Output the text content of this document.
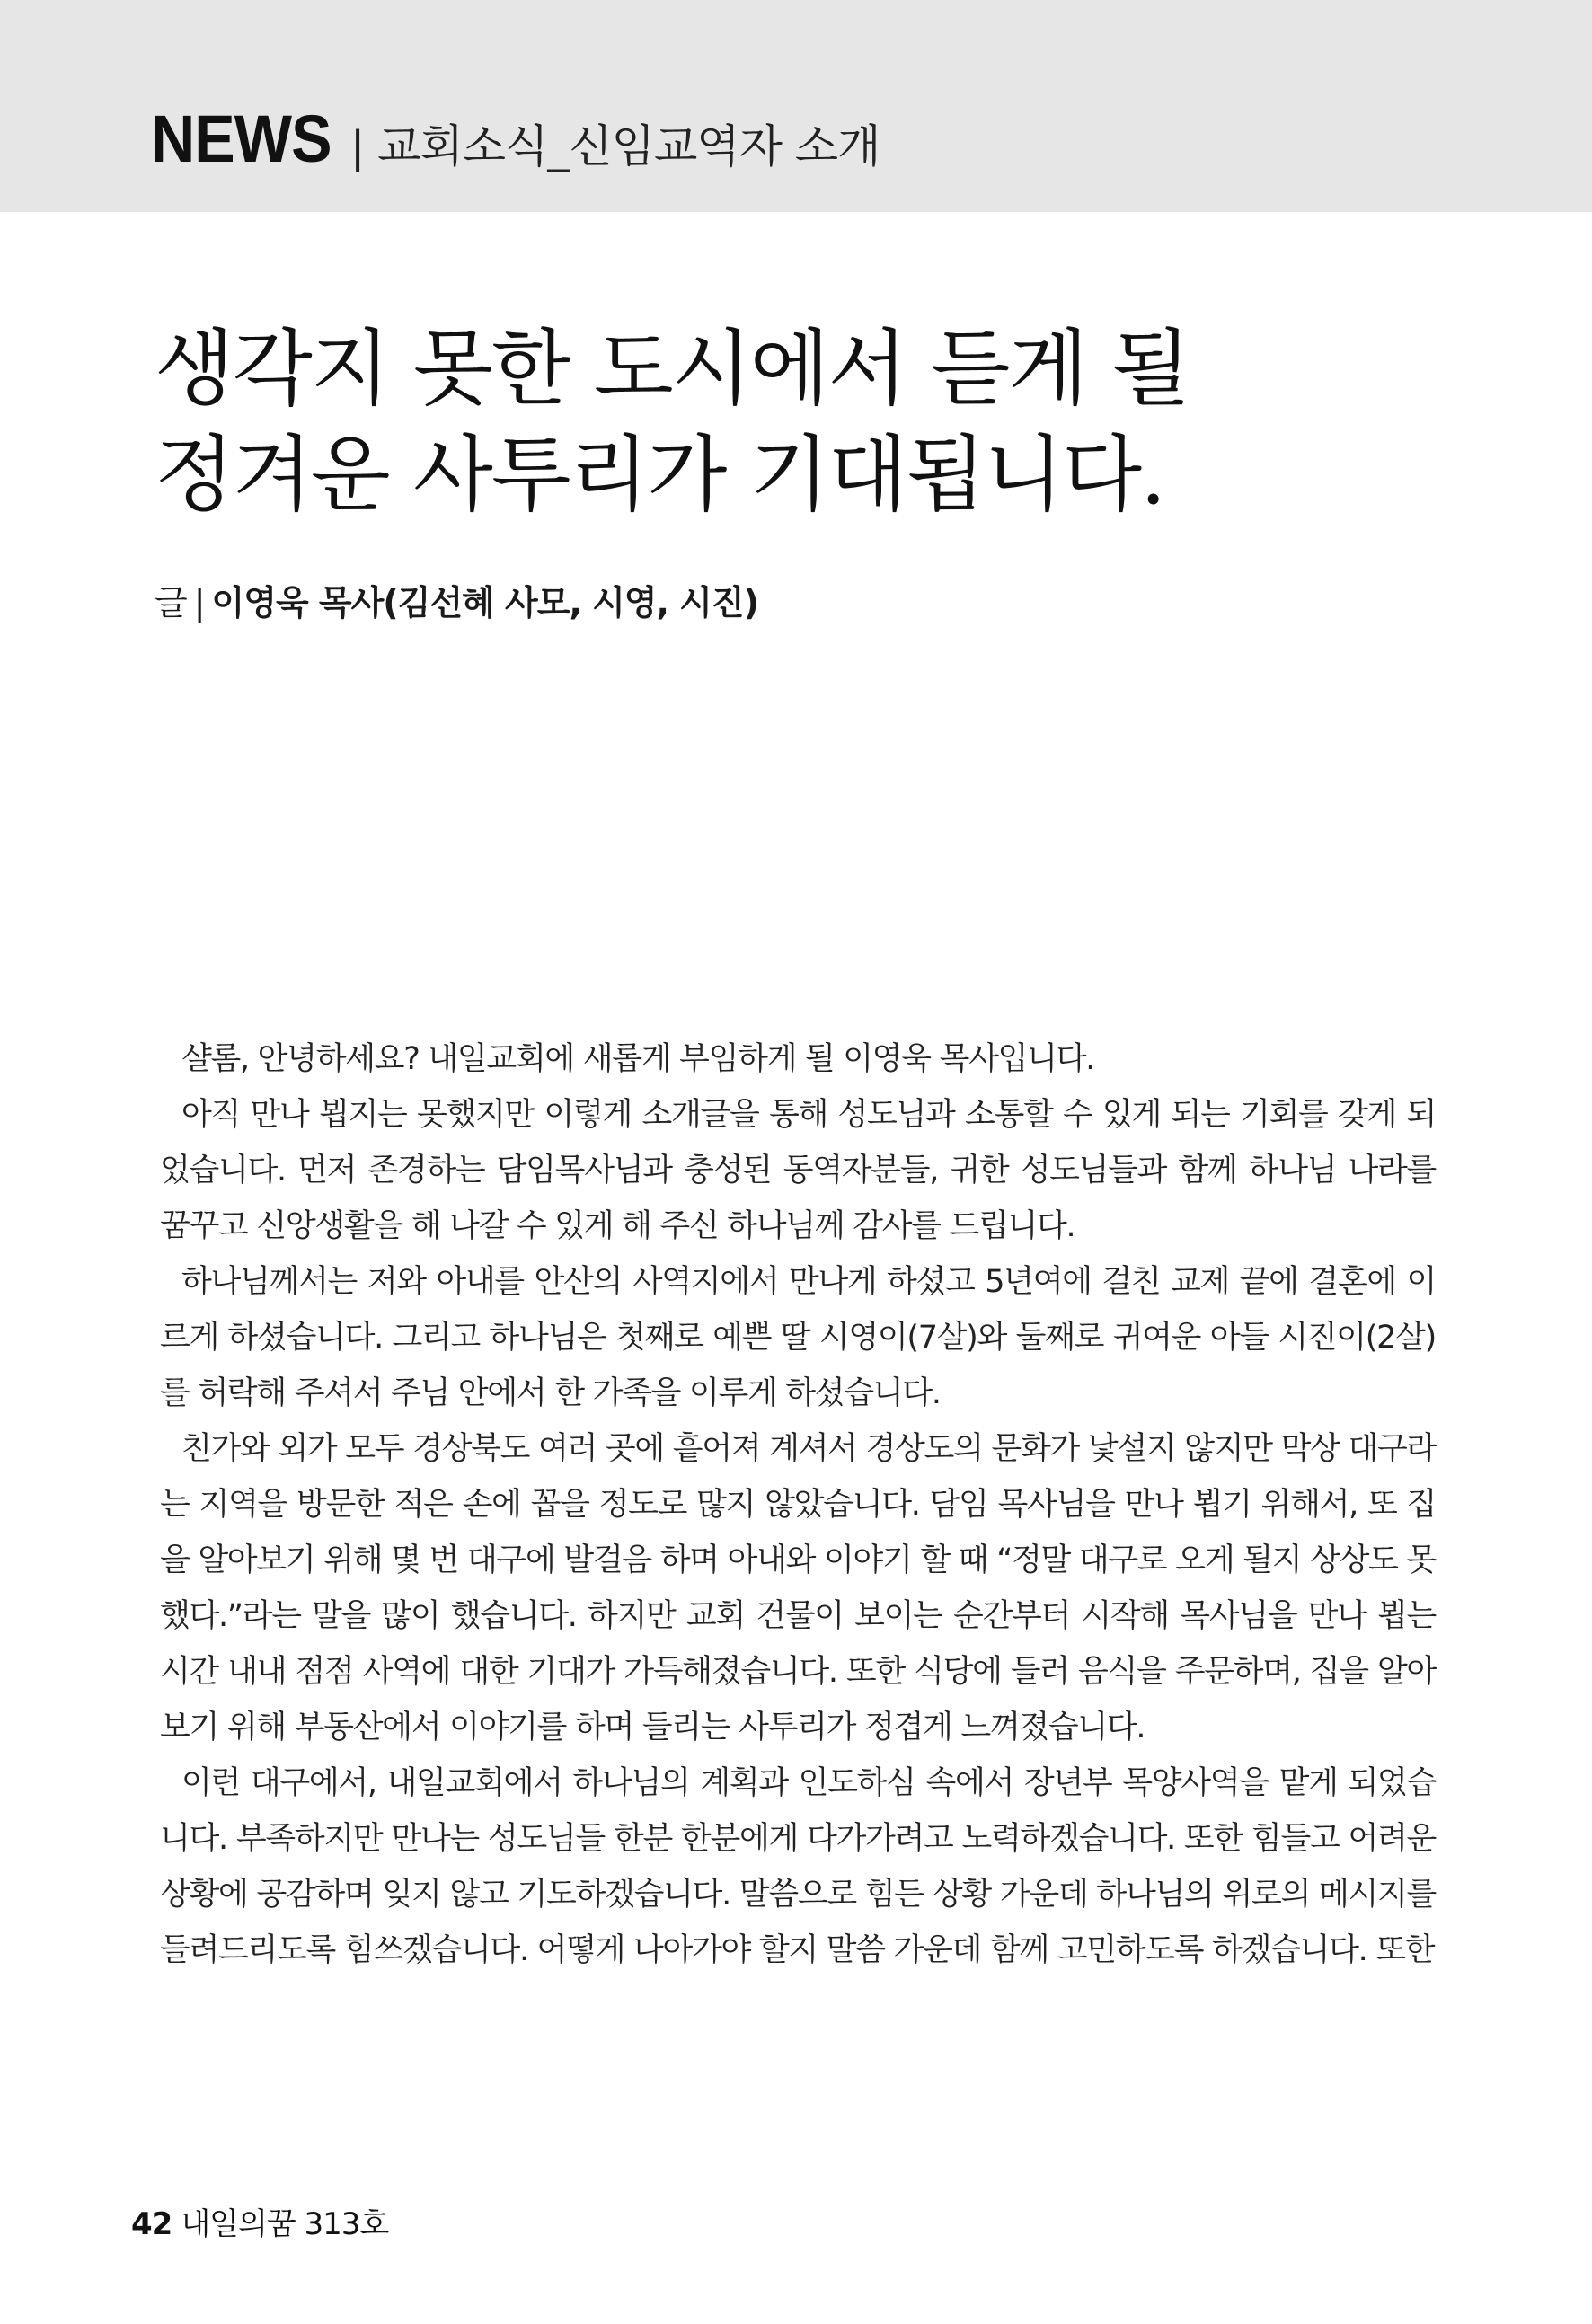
NEWS | 교회소식_신임교역자 소개
생각지 못한 도시에서 듣게 될
정겨운 사투리가 기대됩니다.
글 | 이영욱 목사(김선혜 사모, 시영, 시진)

샬롬, 안녕하세요? 내일교회에 새롭게 부임하게 될 이영욱 목사입니다.

아직 만나 뵙지는 못했지만 이렇게 소개글을 통해 성도님과 소통할 수 있게 되는 기회를 갖게 되었습니다. 먼저 존경하는 담임목사님과 충성된 동역자분들, 귀한 성도님들과 함께 하나님 나라를 꿈꾸고 신앙생활을 해 나갈 수 있게 해 주신 하나님께 감사를 드립니다.

하나님께서는 저와 아내를 안산의 사역지에서 만나게 하셨고 5년여에 걸친 교제 끝에 결혼에 이르게 하셨습니다. 그리고 하나님은 첫째로 예쁜 딸 시영이(7살)와 둘째로 귀여운 아들 시진이(2살)를 허락해 주셔서 주님 안에서 한 가족을 이루게 하셨습니다.

친가와 외가 모두 경상북도 여러 곳에 흩어져 계셔서 경상도의 문화가 낯설지 않지만 막상 대구라는 지역을 방문한 적은 손에 꼽을 정도로 많지 않았습니다. 담임 목사님을 만나 뵙기 위해서, 또 집을 알아보기 위해 몇 번 대구에 발걸음 하며 아내와 이야기 할 때 “정말 대구로 오게 될지 상상도 못했다.”라는 말을 많이 했습니다. 하지만 교회 건물이 보이는 순간부터 시작해 목사님을 만나 뵙는 시간 내내 점점 사역에 대한 기대가 가득해졌습니다. 또한 식당에 들러 음식을 주문하며, 집을 알아보기 위해 부동산에서 이야기를 하며 들리는 사투리가 정겹게 느껴졌습니다.

이런 대구에서, 내일교회에서 하나님의 계획과 인도하심 속에서 장년부 목양사역을 맡게 되었습니다. 부족하지만 만나는 성도님들 한분 한분에게 다가가려고 노력하겠습니다. 또한 힘들고 어려운 상황에 공감하며 잊지 않고 기도하겠습니다. 말씀으로 힘든 상황 가운데 하나님의 위로의 메시지를 들려드리도록 힘쓰겠습니다. 어떻게 나아가야 할지 말씀 가운데 함께 고민하도록 하겠습니다. 또한

42 내일의꿈 313호
